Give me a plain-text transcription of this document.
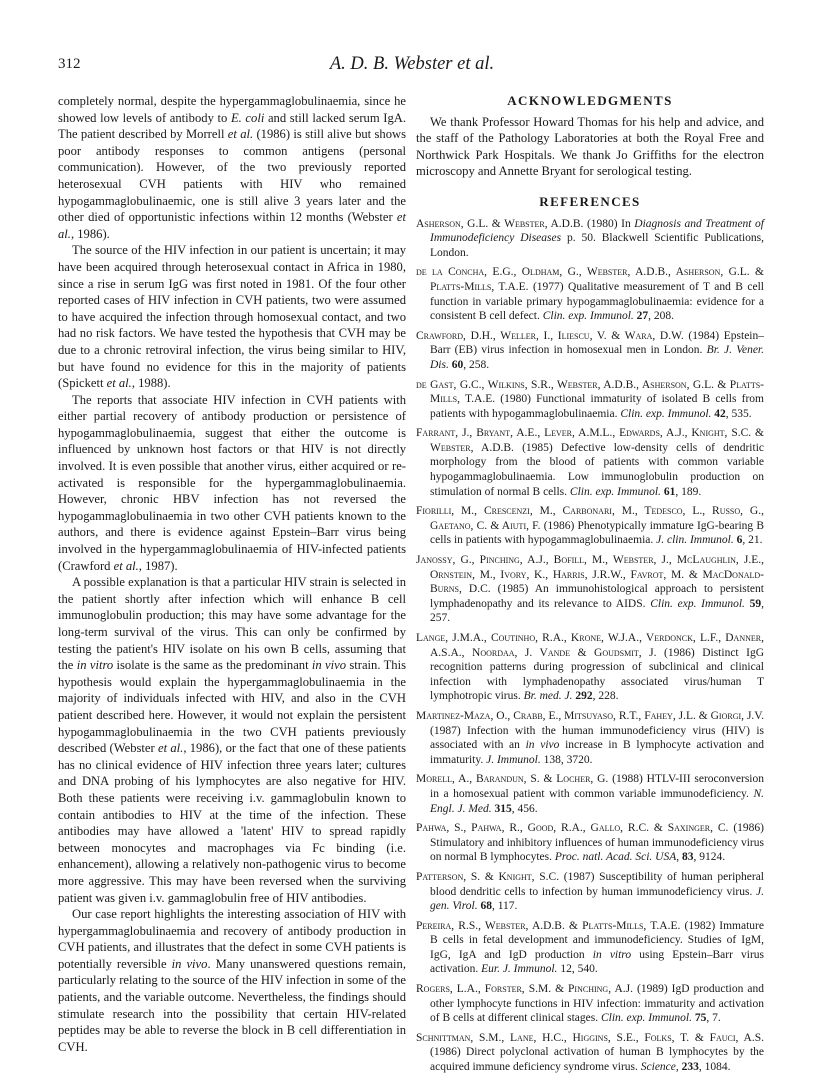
312	A. D. B. Webster et al.

completely normal, despite the hypergammaglobulinaemia, since he showed low levels of antibody to E. coli and still lacked serum IgA. The patient described by Morrell et al. (1986) is still alive but shows poor antibody responses to common antigens (personal communication). However, of the two previously reported heterosexual CVH patients with HIV who remained hypogammaglobulinaemic, one is still alive 3 years later and the other died of opportunistic infections within 12 months (Webster et al., 1986).

The source of the HIV infection in our patient is uncertain; it may have been acquired through heterosexual contact in Africa in 1980, since a rise in serum IgG was first noted in 1981. Of the four other reported cases of HIV infection in CVH patients, two were assumed to have acquired the infection through homosexual contact, and two had no risk factors. We have tested the hypothesis that CVH may be due to a chronic retroviral infection, the virus being similar to HIV, but have found no evidence for this in the majority of patients (Spickett et al., 1988).

The reports that associate HIV infection in CVH patients with either partial recovery of antibody production or persistence of hypogammaglobulinaemia, suggest that either the outcome is influenced by unknown host factors or that HIV is not directly involved. It is even possible that another virus, either acquired or re-activated is responsible for the hypergammaglobulinaemia. However, chronic HBV infection has not reversed the hypogammaglobulinaemia in two other CVH patients known to the authors, and there is evidence against Epstein–Barr virus being involved in the hypergammaglobulinaemia of HIV-infected patients (Crawford et al., 1987).

A possible explanation is that a particular HIV strain is selected in the patient shortly after infection which will enhance B cell immunoglobulin production; this may have some advantage for the long-term survival of the virus. This can only be confirmed by testing the patient's HIV isolate on his own B cells, assuming that the in vitro isolate is the same as the predominant in vivo strain. This hypothesis would explain the hypergammaglobulinaemia in the majority of individuals infected with HIV, and also in the CVH patient described here. However, it would not explain the persistent hypogammaglobulinaemia in the two CVH patients previously described (Webster et al., 1986), or the fact that one of these patients has no clinical evidence of HIV infection three years later; cultures and DNA probing of his lymphocytes are also negative for HIV. Both these patients were receiving i.v. gammaglobulin known to contain antibodies to HIV at the time of the infection. These antibodies may have allowed a 'latent' HIV to spread rapidly between monocytes and macrophages via Fc binding (i.e. enhancement), allowing a relatively non-pathogenic virus to become more aggressive. This may have been reversed when the surviving patient was given i.v. gammaglobulin free of HIV antibodies.

Our case report highlights the interesting association of HIV with hypergammaglobulinaemia and recovery of antibody production in CVH patients, and illustrates that the defect in some CVH patients is potentially reversible in vivo. Many unanswered questions remain, particularly relating to the source of the HIV infection in some of the patients, and the variable outcome. Nevertheless, the findings should stimulate research into the possibility that certain HIV-related peptides may be able to reverse the block in B cell differentiation in CVH.

ACKNOWLEDGMENTS

We thank Professor Howard Thomas for his help and advice, and the staff of the Pathology Laboratories at both the Royal Free and Northwick Park Hospitals. We thank Jo Griffiths for the electron microscopy and Annette Bryant for serological testing.

REFERENCES
Asherson, G.L. & Webster, A.D.B. (1980) In Diagnosis and Treatment of Immunodeficiency Diseases p. 50. Blackwell Scientific Publications, London.
de la Concha, E.G., Oldham, G., Webster, A.D.B., Asherson, G.L. & Platts-Mills, T.A.E. (1977) Qualitative measurement of T and B cell function in variable primary hypogammaglobulinaemia: evidence for a consistent B cell defect. Clin. exp. Immunol. 27, 208.
Crawford, D.H., Weller, I., Iliescu, V. & Wara, D.W. (1984) Epstein–Barr (EB) virus infection in homosexual men in London. Br. J. Vener. Dis. 60, 258.
de Gast, G.C., Wilkins, S.R., Webster, A.D.B., Asherson, G.L. & Platts-Mills, T.A.E. (1980) Functional immaturity of isolated B cells from patients with hypogammaglobulinaemia. Clin. exp. Immunol. 42, 535.
Farrant, J., Bryant, A.E., Lever, A.M.L., Edwards, A.J., Knight, S.C. & Webster, A.D.B. (1985) Defective low-density cells of dendritic morphology from the blood of patients with common variable hypogammaglobulinaemia. Low immunoglobulin production on stimulation of normal B cells. Clin. exp. Immunol. 61, 189.
Fiorilli, M., Crescenzi, M., Carbonari, M., Tedesco, L., Russo, G., Gaetano, C. & Aiuti, F. (1986) Phenotypically immature IgG-bearing B cells in patients with hypogammaglobulinaemia. J. clin. Immunol. 6, 21.
Janossy, G., Pinching, A.J., Bofill, M., Webster, J., McLaughlin, J.E., Ornstein, M., Ivory, K., Harris, J.R.W., Favrot, M. & MacDonald-Burns, D.C. (1985) An immunohistological approach to persistent lymphadenopathy and its relevance to AIDS. Clin. exp. Immunol. 59, 257.
Lange, J.M.A., Coutinho, R.A., Krone, W.J.A., Verdonck, L.F., Danner, A.S.A., Noordaa, J. Vande & Goudsmit, J. (1986) Distinct IgG recognition patterns during progression of subclinical and clinical infection with lymphadenopathy associated virus/human T lymphotropic virus. Br. med. J. 292, 228.
Martinez-Maza, O., Crabb, E., Mitsuyaso, R.T., Fahey, J.L. & Giorgi, J.V. (1987) Infection with the human immunodeficiency virus (HIV) is associated with an in vivo increase in B lymphocyte activation and immaturity. J. Immunol. 138, 3720.
Morell, A., Barandun, S. & Locher, G. (1988) HTLV-III seroconversion in a homosexual patient with common variable immunodeficiency. N. Engl. J. Med. 315, 456.
Pahwa, S., Pahwa, R., Good, R.A., Gallo, R.C. & Saxinger, C. (1986) Stimulatory and inhibitory influences of human immunodeficiency virus on normal B lymphocytes. Proc. natl. Acad. Sci. USA, 83, 9124.
Patterson, S. & Knight, S.C. (1987) Susceptibility of human peripheral blood dendritic cells to infection by human immunodeficiency virus. J. gen. Virol. 68, 117.
Pereira, R.S., Webster, A.D.B. & Platts-Mills, T.A.E. (1982) Immature B cells in fetal development and immunodeficiency. Studies of IgM, IgG, IgA and IgD production in vitro using Epstein–Barr virus activation. Eur. J. Immunol. 12, 540.
Rogers, L.A., Forster, S.M. & Pinching, A.J. (1989) IgD production and other lymphocyte functions in HIV infection: immaturity and activation of B cells at different clinical stages. Clin. exp. Immunol. 75, 7.
Schnittman, S.M., Lane, H.C., Higgins, S.E., Folks, T. & Fauci, A.S. (1986) Direct polyclonal activation of human B lymphocytes by the acquired immune deficiency syndrome virus. Science, 233, 1084.
